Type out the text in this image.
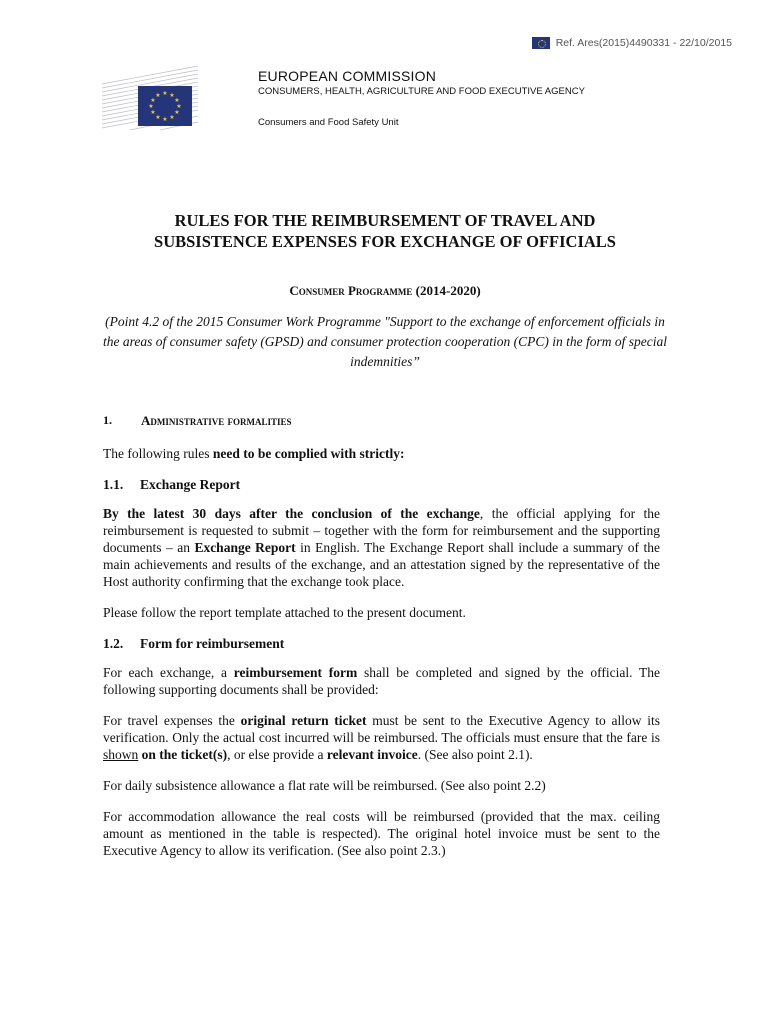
Ref. Ares(2015)4490331 - 22/10/2015
★ ★
★
★
★
★
★
★
★
★
★
★
EUROPEAN COMMISSION
CONSUMERS, HEALTH, AGRICULTURE AND FOOD EXECUTIVE AGENCY
Consumers and Food Safety Unit
RULES FOR THE REIMBURSEMENT OF TRAVEL AND
SUBSISTENCE EXPENSES FOR EXCHANGE OF OFFICIALS
Consumer Programme (2014-2020)
(Point 4.2 of the 2015 Consumer Work Programme "Support to the exchange of enforcement officials in the areas of consumer safety (GPSD) and consumer protection cooperation (CPC) in the form of special indemnities”
1.	Administrative formalities

The following rules need to be complied with strictly:

1.1.	Exchange Report

By the latest 30 days after the conclusion of the exchange, the official applying for the reimbursement is requested to submit – together with the form for reimbursement and the supporting documents – an Exchange Report in English. The Exchange Report shall include a summary of the main achievements and results of the exchange, and an attestation signed by the representative of the Host authority confirming that the exchange took place.

Please follow the report template attached to the present document.

1.2.	Form for reimbursement

For each exchange, a reimbursement form shall be completed and signed by the official. The following supporting documents shall be provided:

For travel expenses the original return ticket must be sent to the Executive Agency to allow its verification. Only the actual cost incurred will be reimbursed. The officials must ensure that the fare is shown on the ticket(s), or else provide a relevant invoice. (See also point 2.1).

For daily subsistence allowance a flat rate will be reimbursed. (See also point 2.2)

For accommodation allowance the real costs will be reimbursed (provided that the max. ceiling amount as mentioned in the table is respected). The original hotel invoice must be sent to the Executive Agency to allow its verification. (See also point 2.3.)
